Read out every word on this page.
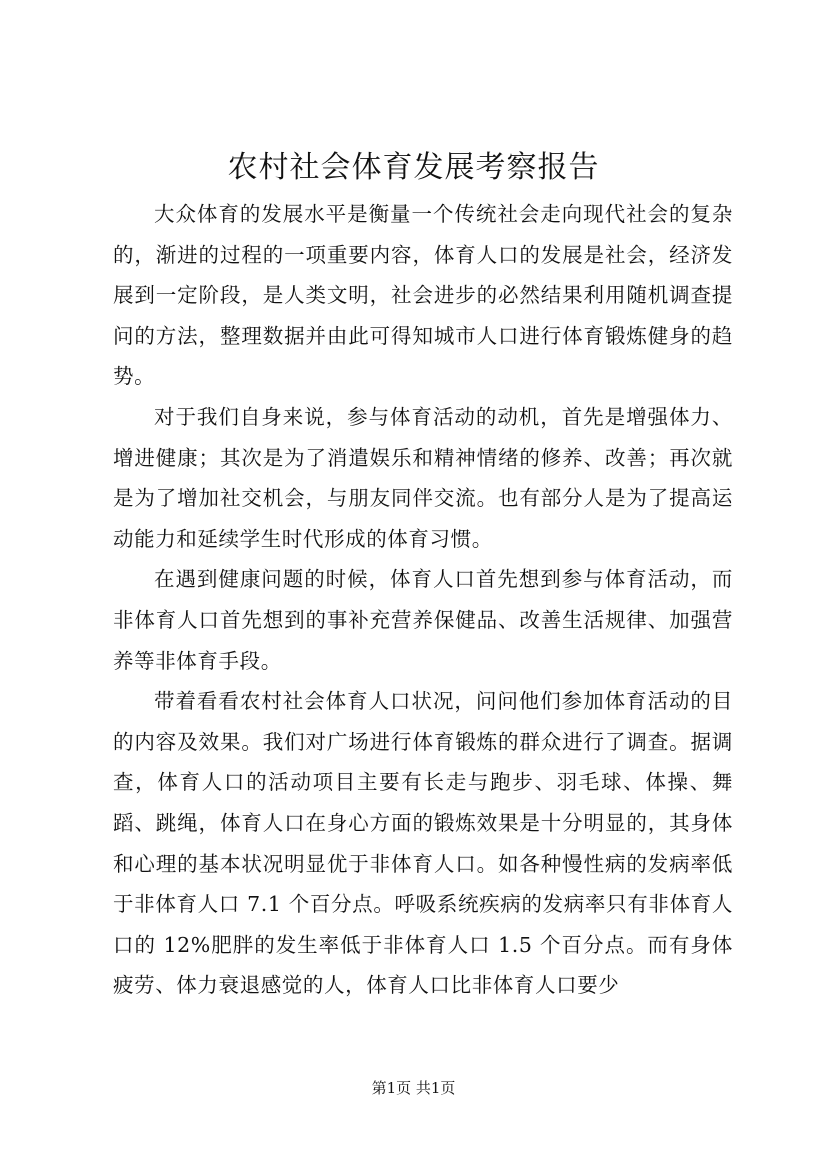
农村社会体育发展考察报告

大众体育的发展水平是衡量一个传统社会走向现代社会的复杂的，渐进的过程的一项重要内容，体育人口的发展是社会，经济发展到一定阶段，是人类文明，社会进步的必然结果利用随机调查提问的方法，整理数据并由此可得知城市人口进行体育锻炼健身的趋势。

对于我们自身来说，参与体育活动的动机，首先是增强体力、增进健康；其次是为了消遣娱乐和精神情绪的修养、改善；再次就是为了增加社交机会，与朋友同伴交流。也有部分人是为了提高运动能力和延续学生时代形成的体育习惯。

在遇到健康问题的时候，体育人口首先想到参与体育活动，而非体育人口首先想到的事补充营养保健品、改善生活规律、加强营养等非体育手段。

带着看看农村社会体育人口状况，问问他们参加体育活动的目的内容及效果。我们对广场进行体育锻炼的群众进行了调查。据调查，体育人口的活动项目主要有长走与跑步、羽毛球、体操、舞蹈、跳绳，体育人口在身心方面的锻炼效果是十分明显的，其身体和心理的基本状况明显优于非体育人口。如各种慢性病的发病率低于非体育人口 7.1 个百分点。呼吸系统疾病的发病率只有非体育人口的 12%肥胖的发生率低于非体育人口 1.5 个百分点。而有身体疲劳、体力衰退感觉的人，体育人口比非体育人口要少

第1页 共1页
